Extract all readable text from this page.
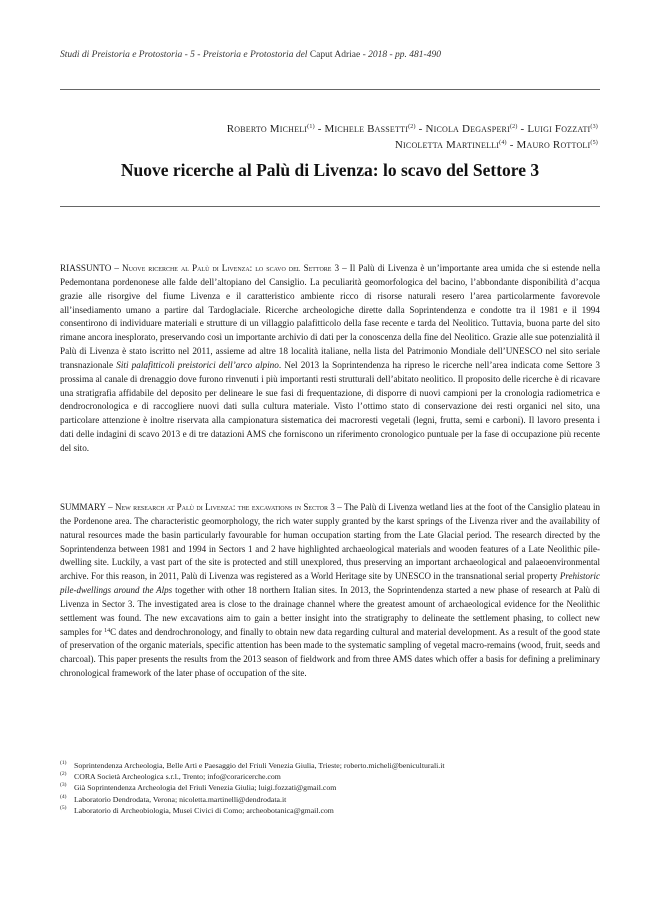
Studi di Preistoria e Protostoria - 5 - Preistoria e Protostoria del Caput Adriae - 2018 - pp. 481-490
Roberto Micheli$^{(1)}$ - Michele Bassetti$^{(2)}$ - Nicola Degasperi$^{(2)}$ - Luigi Fozzati$^{(3)}$
Nicoletta Martinelli$^{(4)}$ - Mauro Rottoli$^{(5)}$
Nuove ricerche al Palù di Livenza: lo scavo del Settore 3
RIASSUNTO – Nuove ricerche al Palù di Livenza: lo scavo del Settore 3 – Il Palù di Livenza è un’importante area umida che si estende nella Pedemontana pordenonese alle falde dell’altopiano del Cansiglio. La peculiarità geomorfologica del bacino, l’abbondante disponibilità d’acqua grazie alle risorgive del fiume Livenza e il caratteristico ambiente ricco di risorse naturali resero l’area particolarmente favorevole all’insediamento umano a partire dal Tardoglaciale. Ricerche archeologiche dirette dalla Soprintendenza e condotte tra il 1981 e il 1994 consentirono di individuare materiali e strutture di un villaggio palafitticolo della fase recente e tarda del Neolitico. Tuttavia, buona parte del sito rimane ancora inesplorato, preservando così un importante archivio di dati per la conoscenza della fine del Neolitico. Grazie alle sue potenzialità il Palù di Livenza è stato iscritto nel 2011, assieme ad altre 18 località italiane, nella lista del Patrimonio Mondiale dell’UNESCO nel sito seriale transnazionale Siti palafitticoli preistorici dell’arco alpino. Nel 2013 la Soprintendenza ha ripreso le ricerche nell’area indicata come Settore 3 prossima al canale di drenaggio dove furono rinvenuti i più importanti resti strutturali dell’abitato neolitico. Il proposito delle ricerche è di ricavare una stratigrafia affidabile del deposito per delineare le sue fasi di frequentazione, di disporre di nuovi campioni per la cronologia radiometrica e dendrocronologica e di raccogliere nuovi dati sulla cultura materiale. Visto l’ottimo stato di conservazione dei resti organici nel sito, una particolare attenzione è inoltre riservata alla campionatura sistematica dei macroresti vegetali (legni, frutta, semi e carboni). Il lavoro presenta i dati delle indagini di scavo 2013 e di tre datazioni AMS che forniscono un riferimento cronologico puntuale per la fase di occupazione più recente del sito.
SUMMARY – New research at Palù di Livenza: the excavations in Sector 3 – The Palù di Livenza wetland lies at the foot of the Cansiglio plateau in the Pordenone area. The characteristic geomorphology, the rich water supply granted by the karst springs of the Livenza river and the availability of natural resources made the basin particularly favourable for human occupation starting from the Late Glacial period. The research directed by the Soprintendenza between 1981 and 1994 in Sectors 1 and 2 have highlighted archaeological materials and wooden features of a Late Neolithic pile-dwelling site. Luckily, a vast part of the site is protected and still unexplored, thus preserving an important archaeological and palaeoenvironmental archive. For this reason, in 2011, Palù di Livenza was registered as a World Heritage site by UNESCO in the transnational serial property Prehistoric pile-dwellings around the Alps together with other 18 northern Italian sites. In 2013, the Soprintendenza started a new phase of research at Palù di Livenza in Sector 3. The investigated area is close to the drainage channel where the greatest amount of archaeological evidence for the Neolithic settlement was found. The new excavations aim to gain a better insight into the stratigraphy to delineate the settlement phasing, to collect new samples for $^{14}$C dates and dendrochronology, and finally to obtain new data regarding cultural and material development. As a result of the good state of preservation of the organic materials, specific attention has been made to the systematic sampling of vegetal macro-remains (wood, fruit, seeds and charcoal). This paper presents the results from the 2013 season of fieldwork and from three AMS dates which offer a basis for defining a preliminary chronological framework of the later phase of occupation of the site.
(1) Soprintendenza Archeologia, Belle Arti e Paesaggio del Friuli Venezia Giulia, Trieste; roberto.micheli@beniculturali.it
(2) CORA Società Archeologica s.r.l., Trento; info@coraricerche.com
(3) Già Soprintendenza Archeologia del Friuli Venezia Giulia; luigi.fozzati@gmail.com
(4) Laboratorio Dendrodata, Verona; nicoletta.martinelli@dendrodata.it
(5) Laboratorio di Archeobiologia, Musei Civici di Como; archeobotanica@gmail.com
